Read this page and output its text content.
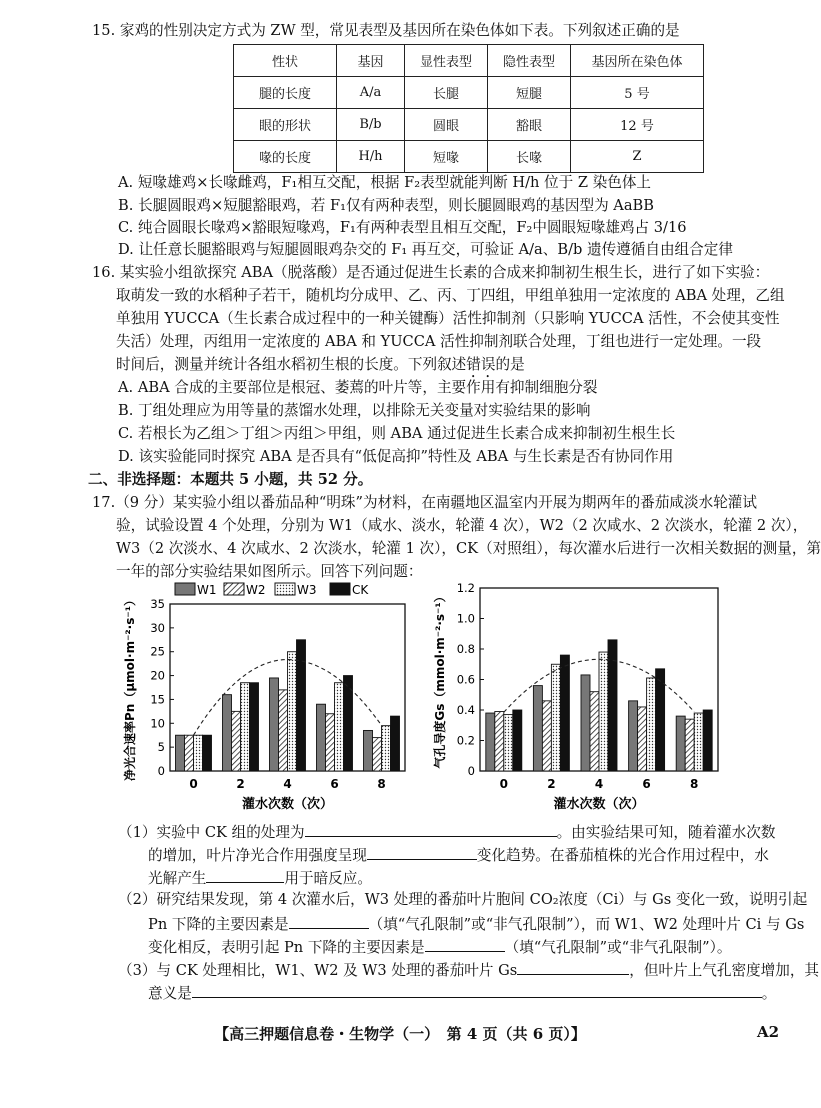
15. 家鸡的性别决定方式为 ZW 型，常见表型及基因所在染色体如下表。下列叙述正确的是
性状	基因	显性表型	隐性表型	基因所在染色体
腿的长度	A/a	长腿	短腿	5 号
眼的形状	B/b	圆眼	豁眼	12 号
喙的长度	H/h	短喙	长喙	Z
A. 短喙雄鸡×长喙雌鸡，F₁相互交配，根据 F₂表型就能判断 H/h 位于 Z 染色体上
B. 长腿圆眼鸡×短腿豁眼鸡，若 F₁仅有两种表型，则长腿圆眼鸡的基因型为 AaBB
C. 纯合圆眼长喙鸡×豁眼短喙鸡，F₁有两种表型且相互交配，F₂中圆眼短喙雄鸡占 3/16
D. 让任意长腿豁眼鸡与短腿圆眼鸡杂交的 F₁ 再互交，可验证 A/a、B/b 遗传遵循自由组合定律
16. 某实验小组欲探究 ABA（脱落酸）是否通过促进生长素的合成来抑制初生根生长，进行了如下实验：
取萌发一致的水稻种子若干，随机均分成甲、乙、丙、丁四组，甲组单独用一定浓度的 ABA 处理，乙组
单独用 YUCCA（生长素合成过程中的一种关键酶）活性抑制剂（只影响 YUCCA 活性，不会使其变性
失活）处理，丙组用一定浓度的 ABA 和 YUCCA 活性抑制剂联合处理，丁组也进行一定处理。一段
时间后，测量并统计各组水稻初生根的长度。下列叙述错误的是
A. ABA 合成的主要部位是根冠、萎蔫的叶片等，主要作用有抑制细胞分裂
B. 丁组处理应为用等量的蒸馏水处理，以排除无关变量对实验结果的影响
C. 若根长为乙组＞丁组＞丙组＞甲组，则 ABA 通过促进生长素合成来抑制初生根生长
D. 该实验能同时探究 ABA 是否具有“低促高抑”特性及 ABA 与生长素是否有协同作用
二、非选择题：本题共 5 小题，共 52 分。
17.（9 分）某实验小组以番茄品种“明珠”为材料，在南疆地区温室内开展为期两年的番茄咸淡水轮灌试
验，试验设置 4 个处理，分别为 W1（咸水、淡水，轮灌 4 次），W2（2 次咸水、2 次淡水，轮灌 2 次），
W3（2 次淡水、4 次咸水、2 次淡水，轮灌 1 次），CK（对照组），每次灌水后进行一次相关数据的测量，第
一年的部分实验结果如图所示。回答下列问题：
W1 W2	W3	CK
0
5
10
15
20
25
30
35
0	2	4	6	8
灌水次数（次）
净光合速率Pn（μmol·m⁻²·s⁻¹）	0
0.2
0.4
0.6
0.8
1.0
1.2
0	2	4	6	8
灌水次数（次）
气孔导度Gs（mmol·m⁻²·s⁻¹）
（1）实验中 CK 组的处理为	。由实验结果可知，随着灌水次数
的增加，叶片净光合作用强度呈现	变化趋势。在番茄植株的光合作用过程中，水
光解产生	用于暗反应。
（2）研究结果发现，第 4 次灌水后，W3 处理的番茄叶片胞间 CO₂浓度（Ci）与 Gs 变化一致，说明引起
Pn 下降的主要因素是	（填“气孔限制”或“非气孔限制”），而 W1、W2 处理叶片 Ci 与 Gs
变化相反，表明引起 Pn 下降的主要因素是	（填“气孔限制”或“非气孔限制”）。
（3）与 CK 处理相比，W1、W2 及 W3 处理的番茄叶片 Gs	，但叶片上气孔密度增加，其
意义是	。
【高三押题信息卷・生物学（一）　第 4 页（共 6 页）】	A2
